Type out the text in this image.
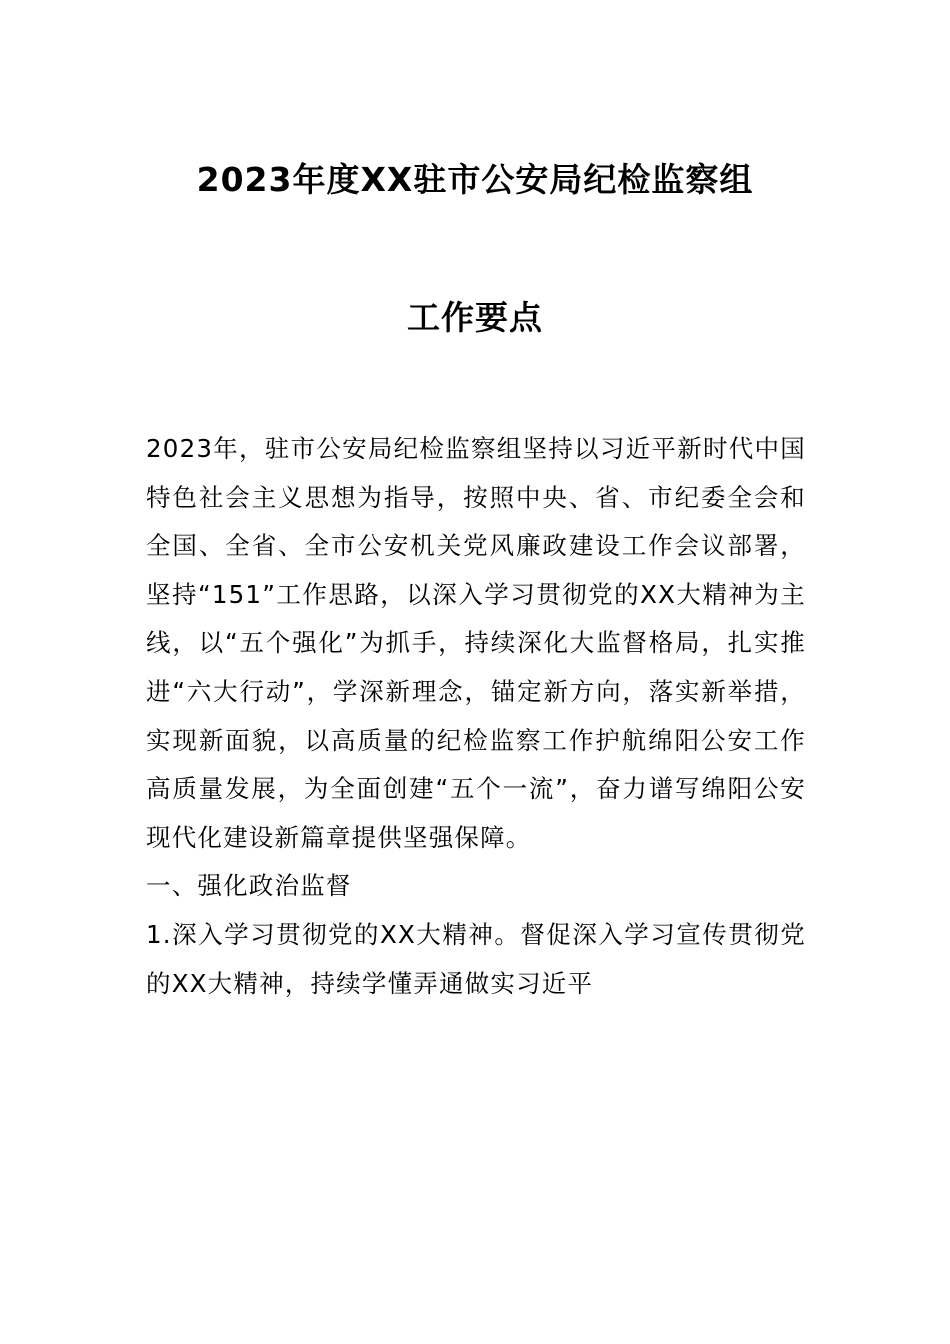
2023年度XX驻市公安局纪检监察组
工作要点

2023年，驻市公安局纪检监察组坚持以习近平新时代中国特色社会主义思想为指导，按照中央、省、市纪委全会和全国、全省、全市公安机关党风廉政建设工作会议部署，坚持“151”工作思路，以深入学习贯彻党的XX大精神为主线，以“五个强化”为抓手，持续深化大监督格局，扎实推进“六大行动”，学深新理念，锚定新方向，落实新举措，实现新面貌，以高质量的纪检监察工作护航绵阳公安工作高质量发展，为全面创建“五个一流”，奋力谱写绵阳公安现代化建设新篇章提供坚强保障。

一、强化政治监督

1.深入学习贯彻党的XX大精神。督促深入学习宣传贯彻党的XX大精神，持续学懂弄通做实习近平
